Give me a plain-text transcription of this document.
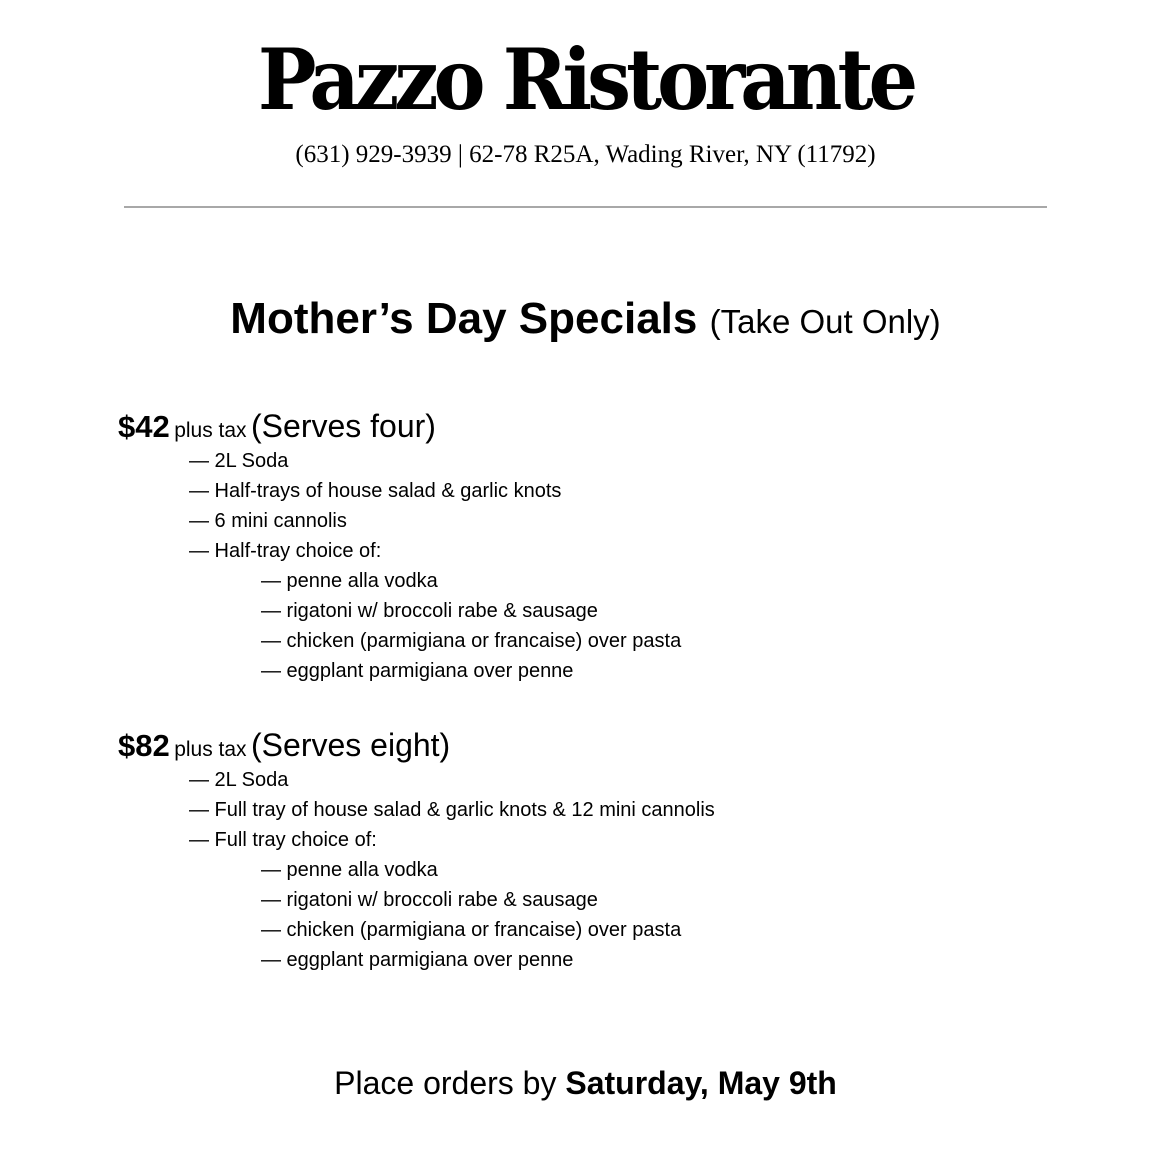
Pazzo Ristorante
(631) 929-3939 | 62-78 R25A, Wading River, NY (11792)
Mother’s Day Specials (Take Out Only)
$42 plus tax (Serves four)
— 2L Soda
— Half-trays of house salad & garlic knots
— 6 mini cannolis
— Half-tray choice of:
— penne alla vodka
— rigatoni w/ broccoli rabe & sausage
— chicken (parmigiana or francaise) over pasta
— eggplant parmigiana over penne
$82 plus tax (Serves eight)
— 2L Soda
— Full tray of house salad & garlic knots & 12 mini cannolis
— Full tray choice of:
— penne alla vodka
— rigatoni w/ broccoli rabe & sausage
— chicken (parmigiana or francaise) over pasta
— eggplant parmigiana over penne
Place orders by Saturday, May 9th
